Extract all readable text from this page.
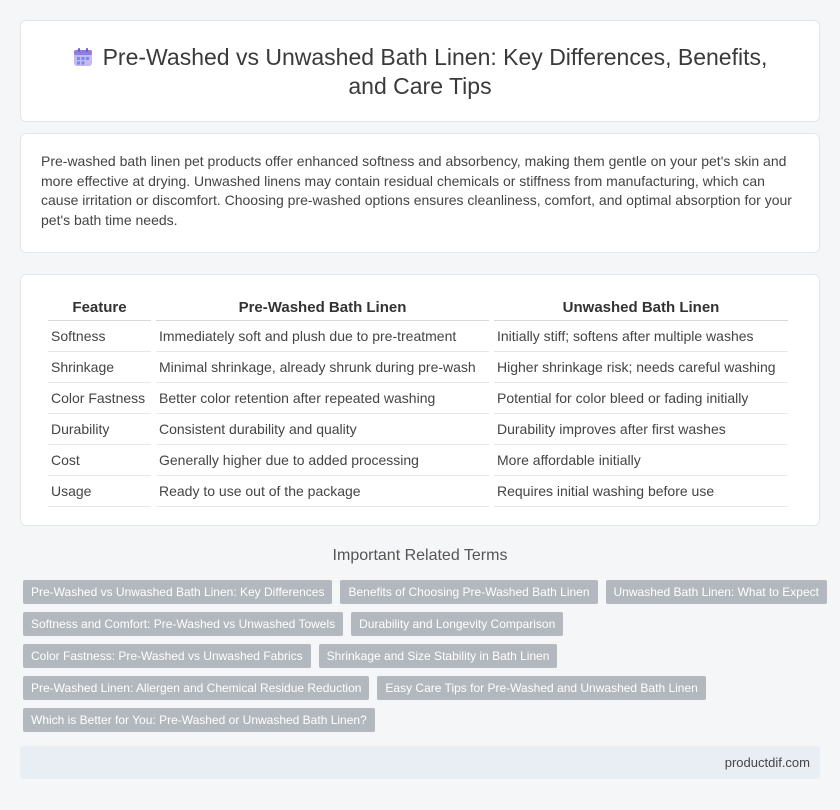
Pre-Washed vs Unwashed Bath Linen: Key Differences, Benefits,
and Care Tips

Pre-washed bath linen pet products offer enhanced softness and absorbency, making them gentle on your pet's skin and more effective at drying. Unwashed linens may contain residual chemicals or stiffness from manufacturing, which can cause irritation or discomfort. Choosing pre-washed options ensures cleanliness, comfort, and optimal absorption for your pet's bath time needs.

Feature	Pre-Washed Bath Linen	Unwashed Bath Linen
Softness	Immediately soft and plush due to pre-treatment	Initially stiff; softens after multiple washes
Shrinkage	Minimal shrinkage, already shrunk during pre-wash	Higher shrinkage risk; needs careful washing
Color Fastness	Better color retention after repeated washing	Potential for color bleed or fading initially
Durability	Consistent durability and quality	Durability improves after first washes
Cost	Generally higher due to added processing	More affordable initially
Usage	Ready to use out of the package	Requires initial washing before use
Important Related Terms
Pre-Washed vs Unwashed Bath Linen: Key Differences	Benefits of Choosing Pre-Washed Bath Linen	Unwashed Bath Linen: What to Expect
Softness and Comfort: Pre-Washed vs Unwashed Towels	Durability and Longevity Comparison
Color Fastness: Pre-Washed vs Unwashed Fabrics	Shrinkage and Size Stability in Bath Linen
Pre-Washed Linen: Allergen and Chemical Residue Reduction	Easy Care Tips for Pre-Washed and Unwashed Bath Linen
Which is Better for You: Pre-Washed or Unwashed Bath Linen?
productdif.com
